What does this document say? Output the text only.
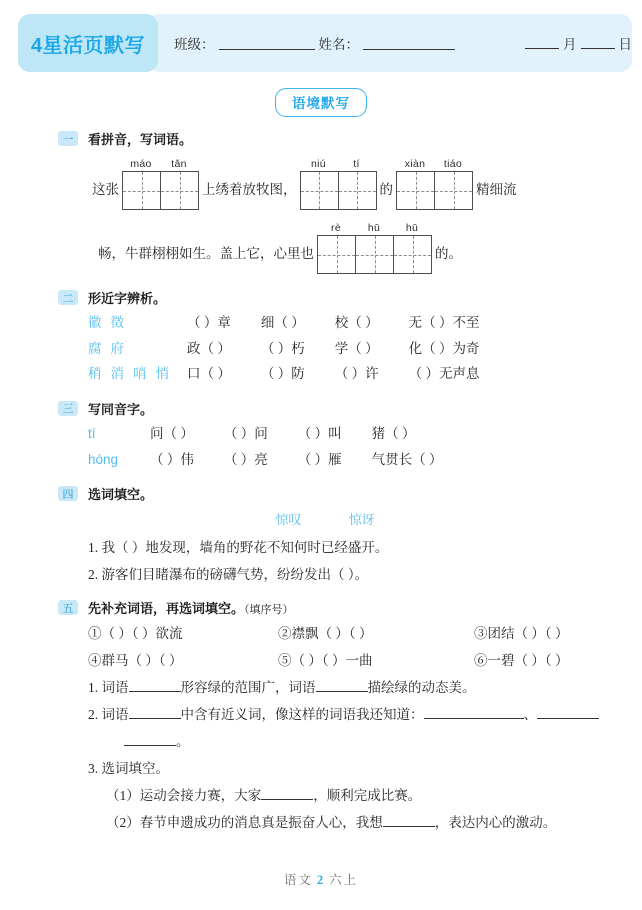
4星活页默写 班级：	姓名：	月	日
语境默写
一	看拼音，写词语。
这张
máo	tǎn
上绣着放牧图，
niú	tí
的
xiàn	tiáo
精细流
畅，牛群栩栩如生。盖上它，心里也
rè	hū	hū
的。
二	形近字辨析。
徽 徵	（ ）章	细（ ）	校（ ）	无（ ）不至
腐 府	政（ ）	（ ）朽	学（ ）	化（ ）为奇
稍 消 哨 悄	口（ ）	（ ）防	（ ）许	（ ）无声息
三	写同音字。
tí	问（ ）	（ ）问	（ ）叫	猪（ ）
hóng	（ ）伟	（ ）亮	（ ）雁	气贯长（ ）
四	选词填空。
惊叹	惊讶
1. 我（ ）地发现，墙角的野花不知何时已经盛开。
2. 游客们目睹瀑布的磅礴气势，纷纷发出（ ）。
五	先补充词语，再选词填空。（填序号）
①（ ）（ ）欲流	②襟飘（ ）（ ）	③团结（ ）（ ）
④群马（ ）（ ）	⑤（ ）（ ）一曲	⑥一碧（ ）（ ）
1. 词语	形容绿的范围广，词语	描绘绿的动态美。
2. 词语	中含有近义词，像这样的词语我还知道：	、
。
3. 选词填空。
（1）运动会接力赛，大家	，顺利完成比赛。
（2）春节申遗成功的消息真是振奋人心，我想	，表达内心的激动。
语文 2 六上
